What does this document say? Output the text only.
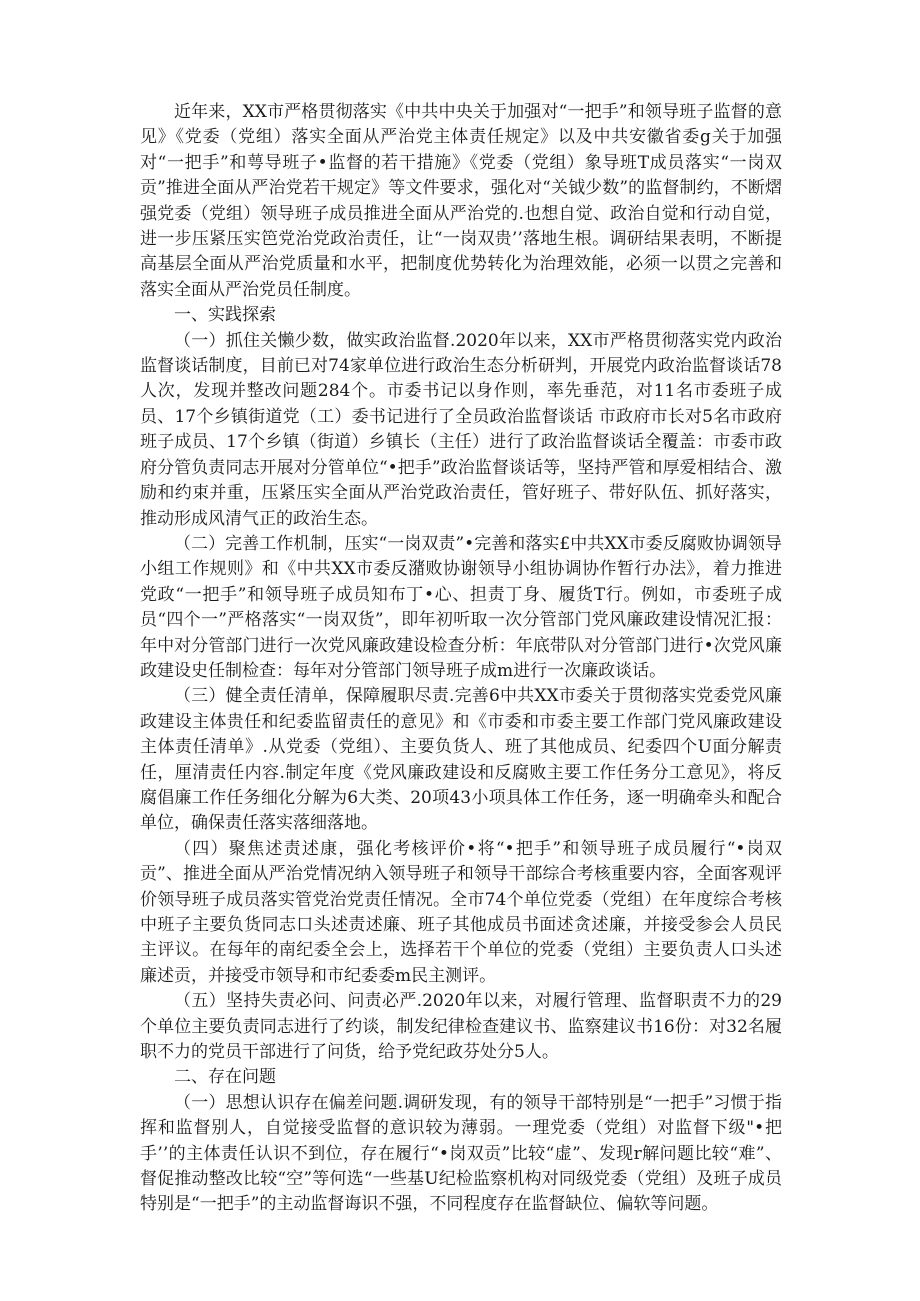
近年来，XX市严格贯彻落实《中共中央关于加强对“一把手”和领导班子监督的意见》《党委（党组）落实全面从严治党主体责任规定》以及中共安徽省委g关于加强对“一把手”和萼导班子•监督的若干措施》《党委（党组）象导班T成员落实“一岗双贡”推进全面从严治党若干规定》等文件要求，强化对“关钺少数”的监督制约，不断熠强党委（党组）领导班子成员推进全面从严治党的.也想自觉、政治自觉和行动自觉，进一步压紧压实笆党治党政治责任，让“一岗双贵’’落地生根。调研结果表明，不断提高基层全面从严治党质量和水平，把制度优势转化为治理效能，必须一以贯之完善和落实全面从严治党员任制度。

一、实践探索

（一）抓住关懒少数，做实政治监督.2020年以来，XX市严格贯彻落实党内政治监督谈话制度，目前已对74家单位进行政治生态分析研判，开展党内政治监督谈话78人次，发现并整改问题284个。市委书记以身作则，率先垂范，对11名市委班子成员、17个乡镇街道党（工）委书记进行了全员政治监督谈话 市政府市长对5名市政府班子成员、17个乡镇（街道）乡镇长（主任）进行了政治监督谈话全覆盖：市委市政府分管负责同志开展对分管单位“•把手”政治监督谈话等，坚持严管和厚爱相结合、激励和约束并重，压紧压实全面从严治党政治责任，管好班子、带好队伍、抓好落实，推动形成风清气正的政治生态。

（二）完善工作机制，压实“一岗双责”•完善和落实£中共XX市委反腐败协调领导小组工作规则》和《中共XX市委反潴败协谢领导小组协调协作暂行办法》，着力推进党政“一把手”和领导班子成员知布丁•心、担责丁身、履货T行。例如，市委班子成员“四个一”严格落实“一岗双货”，即年初听取一次分管部门党风廉政建设情况汇报：年中对分管部门进行一次党风廉政建设检查分析：年底带队对分管部门进行•次党风廉政建设史任制检查：每年对分管部门领导班子成m进行一次廉政谈话。

（三）健全责任清单，保障履职尽责.完善6中共XX市委关于贯彻落实党委党风廉政建设主体贵任和纪委监留责任的意见》和《市委和市委主要工作部门党风廉政建设主体责任清单》.从党委（党组）、主要负货人、班了其他成员、纪委四个U面分解责任，厘清责任内容.制定年度《党风廉政建设和反腐败主要工作任务分工意见》，将反腐倡廉工作任务细化分解为6大类、20项43小项具体工作任务，逐一明确牵头和配合单位，确保责任落实落细落地。

（四）聚焦述责述康，强化考核评价•将“•把手”和领导班子成员履行“•岗双贡”、推进全面从严治党情况纳入领导班子和领导干部综合考核重要内容，全面客观评价领导班子成员落实管党治党责任情况。全市74个单位党委（党组）在年度综合考核中班子主要负货同志口头述责述廉、班子其他成员书面述贪述廉，并接受参会人员民主评议。在每年的南纪委全会上，选择若干个单位的党委（党组）主要负责人口头述廉述贡，并接受市领导和市纪委委m民主测评。

（五）坚持失责必问、问责必严.2020年以来，对履行管理、监督职责不力的29个单位主要负责同志进行了约谈，制发纪律检查建议书、监察建议书16份：对32名履职不力的党员干部进行了问货，给予党纪政芬处分5人。

二、存在问题

（一）思想认识存在偏差问题.调研发现，有的领导干部特别是“一把手”习惯于指挥和监督别人，自觉接受监督的意识较为薄弱。一理党委（党组）对监督下级"•把手’’的主体责任认识不到位，存在履行“•岗双贡”比较“虚”、发现r解问题比较“难”、督促推动整改比较“空”等何选“一些基U纪检监察机构对同级党委（党组）及班子成员特别是“一把手”的主动监督诲识不强，不同程度存在监督缺位、偏软等问题。
